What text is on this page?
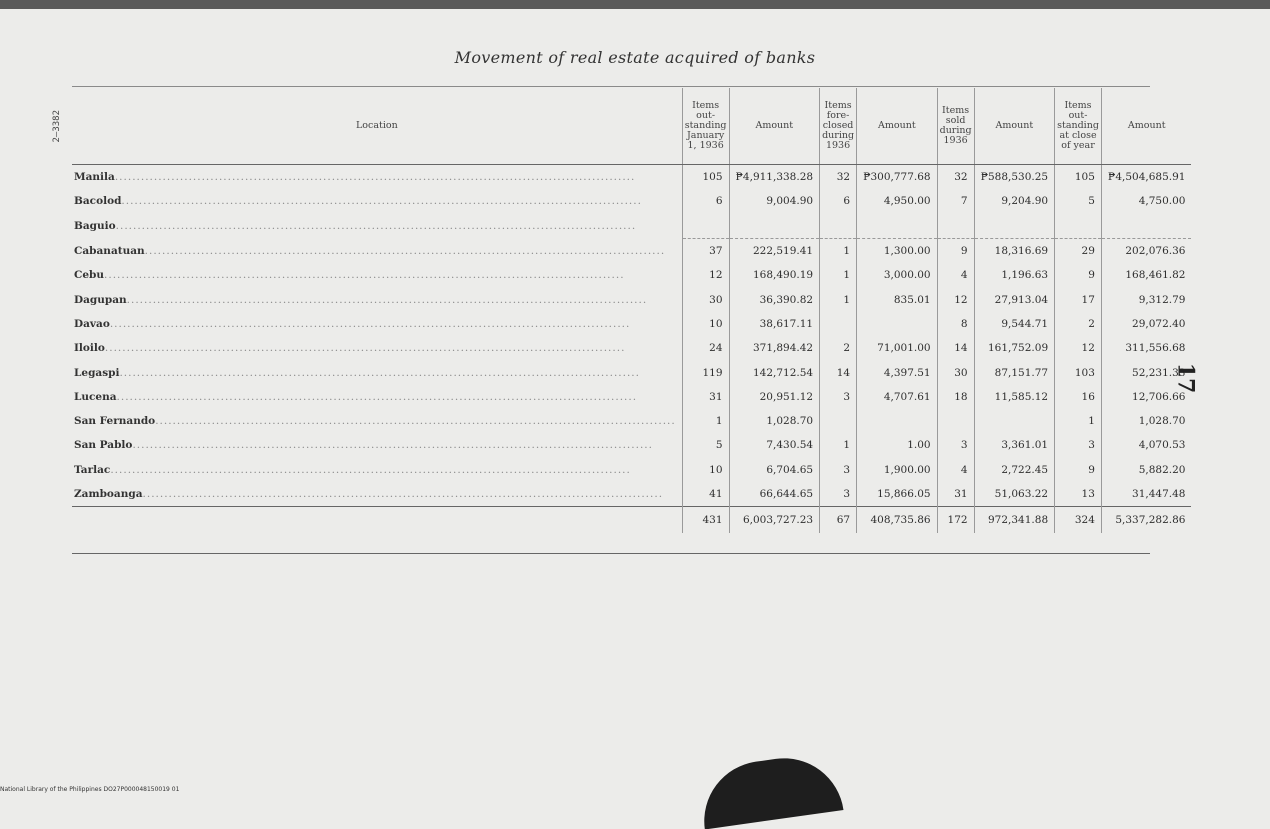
2—3382
Movement of real estate acquired of banks
Location	Items out-standing January 1, 1936	Amount	Items fore-closed during 1936	Amount	Items sold during 1936	Amount	Items out-standing at close of year	Amount
Manila........................................................................................................................	105	₱4,911,338.28	32	₱300,777.68	32	₱588,530.25	105	₱4,504,685.91
Bacolod........................................................................................................................	6	9,004.90	6	4,950.00	7	9,204.90	5	4,750.00
Baguio........................................................................................................................								
Cabanatuan........................................................................................................................	37	222,519.41	1	1,300.00	9	18,316.69	29	202,076.36
Cebu........................................................................................................................	12	168,490.19	1	3,000.00	4	1,196.63	9	168,461.82
Dagupan........................................................................................................................	30	36,390.82	1	835.01	12	27,913.04	17	9,312.79
Davao........................................................................................................................	10	38,617.11			8	9,544.71	2	29,072.40
Iloilo........................................................................................................................	24	371,894.42	2	71,001.00	14	161,752.09	12	311,556.68
Legaspi........................................................................................................................	119	142,712.54	14	4,397.51	30	87,151.77	103	52,231.33
Lucena........................................................................................................................	31	20,951.12	3	4,707.61	18	11,585.12	16	12,706.66
San Fernando........................................................................................................................	1	1,028.70					1	1,028.70
San Pablo........................................................................................................................	5	7,430.54	1	1.00	3	3,361.01	3	4,070.53
Tarlac........................................................................................................................	10	6,704.65	3	1,900.00	4	2,722.45	9	5,882.20
Zamboanga........................................................................................................................	41	66,644.65	3	15,866.05	31	51,063.22	13	31,447.48
	431	6,003,727.23	67	408,735.86	172	972,341.88	324	5,337,282.86
17
National Library of the Philippines DO27P000048150019 01
